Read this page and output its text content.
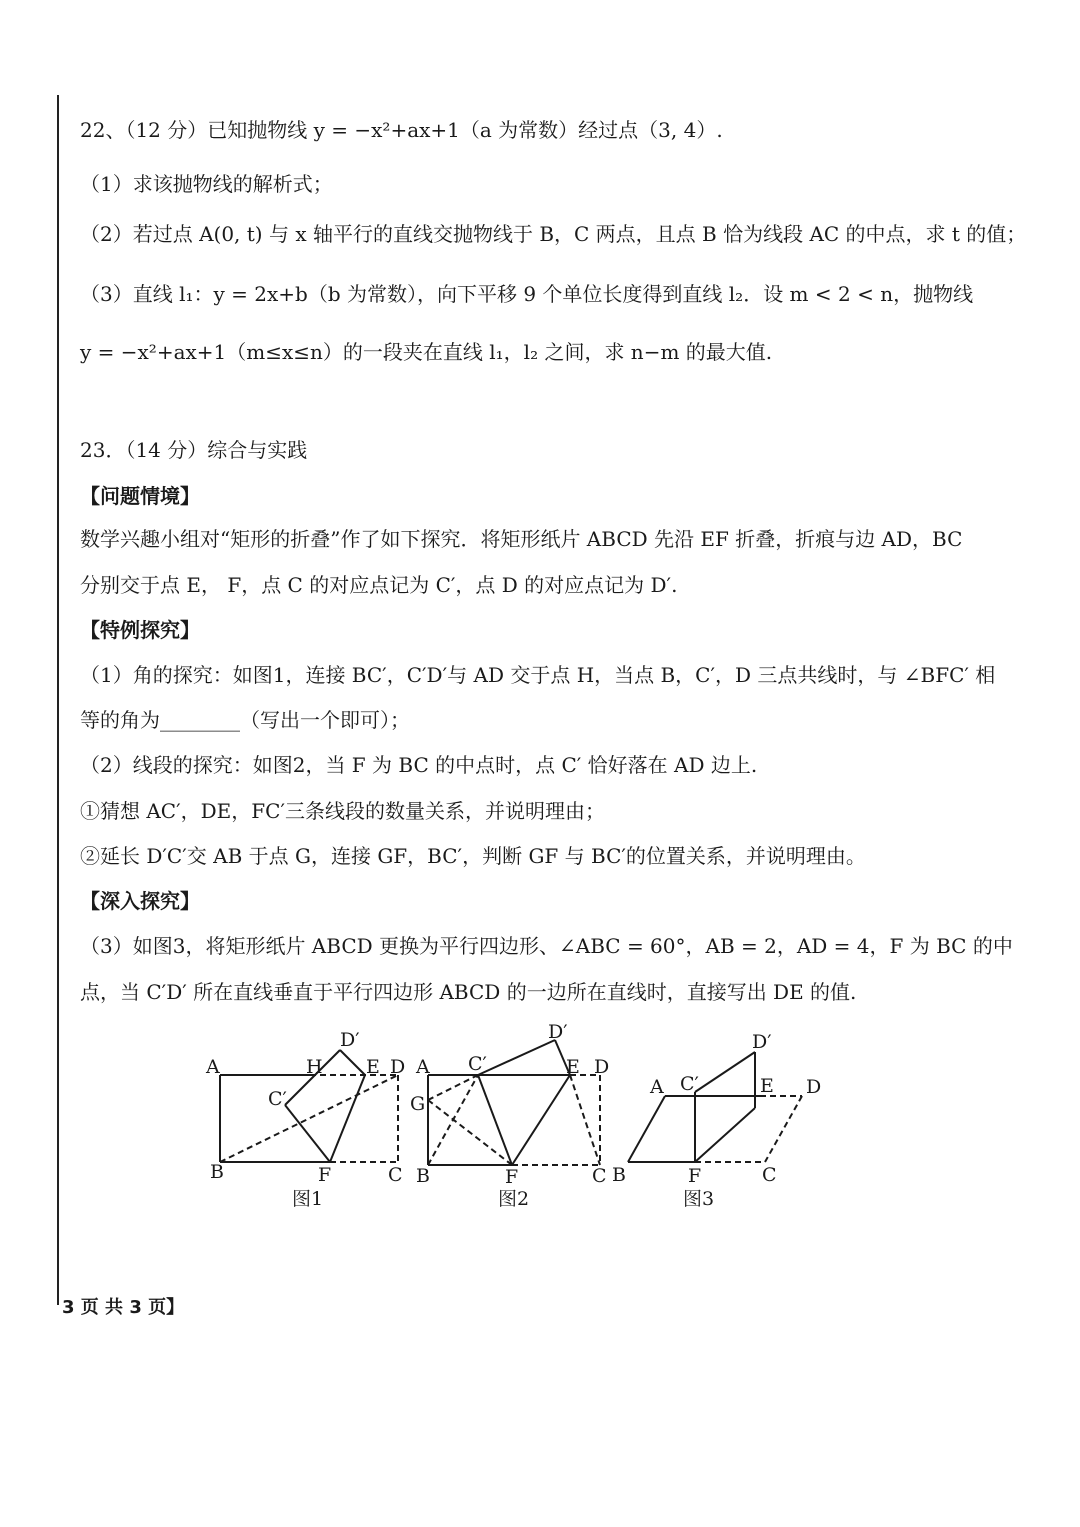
22、（12 分）已知抛物线 y = −x²+ax+1（a 为常数）经过点（3, 4）.
（1）求该抛物线的解析式；
（2）若过点 A(0, t) 与 x 轴平行的直线交抛物线于 B，C 两点，且点 B 恰为线段 AC 的中点，求 t 的值；
（3）直线 l₁：y = 2x+b（b 为常数），向下平移 9 个单位长度得到直线 l₂．设 m < 2 < n，抛物线
y = −x²+ax+1（m≤x≤n）的一段夹在直线 l₁，l₂ 之间，求 n−m 的最大值.
23．（14 分）综合与实践
【问题情境】
数学兴趣小组对“矩形的折叠”作了如下探究．将矩形纸片 ABCD 先沿 EF 折叠，折痕与边 AD，BC
分别交于点 E， F，点 C 的对应点记为 C′，点 D 的对应点记为 D′.
【特例探究】
（1）角的探究：如图1，连接 BC′，C′D′与 AD 交于点 H，当点 B，C′，D 三点共线时，与 ∠BFC′ 相
等的角为________（写出一个即可）；
（2）线段的探究：如图2，当 F 为 BC 的中点时，点 C′ 恰好落在 AD 边上.
①猜想 AC′，DE，FC′三条线段的数量关系，并说明理由；
②延长 D′C′交 AB 于点 G，连接 GF，BC′，判断 GF 与 BC′的位置关系，并说明理由。
【深入探究】
（3）如图3，将矩形纸片 ABCD 更换为平行四边形、∠ABC = 60°，AB = 2，AD = 4，F 为 BC 的中
点，当 C′D′ 所在直线垂直于平行四边形 ABCD 的一边所在直线时，直接写出 DE 的值.
A
B	C
D
E
F
H
C′
D′
图1
A
B	C
D
E
F
G
C′
D′
图2
A
B	C
D
E
F
C′
D′
图3
3 页 共 3 页】
